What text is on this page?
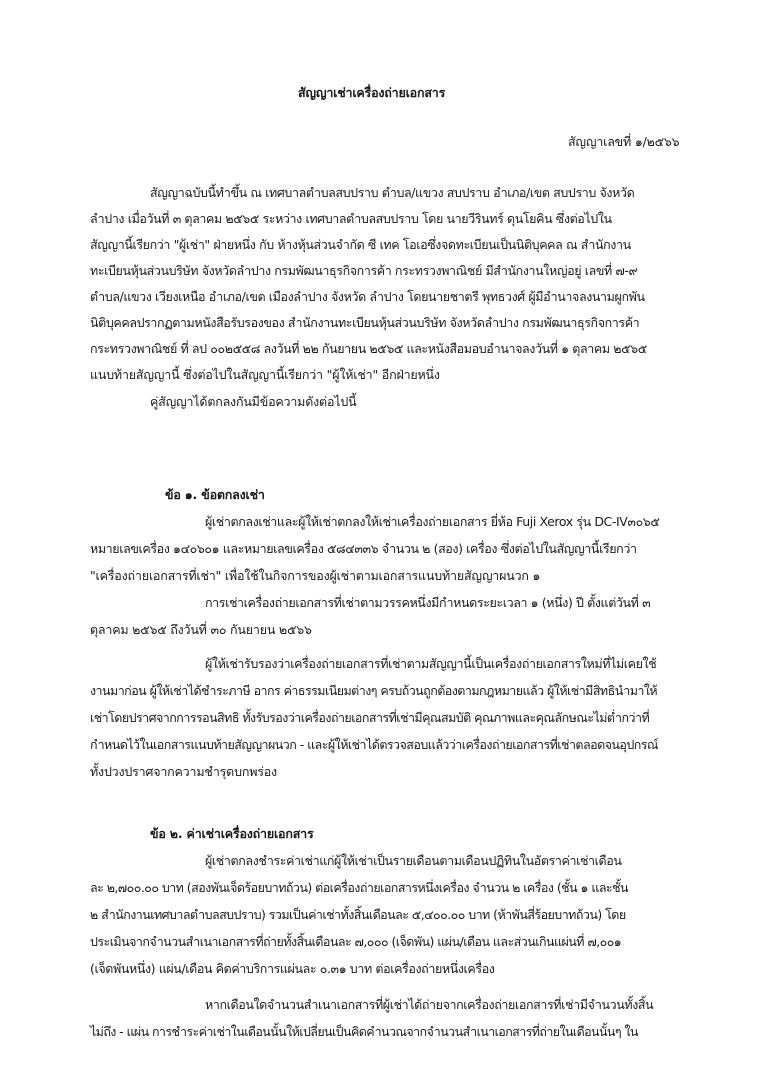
สัญญาเช่าเครื่องถ่ายเอกสาร
สัญญาเลขที่ ๑/๒๕๖๖
สัญญาฉบับนี้ทำขึ้น ณ เทศบาลตำบลสบปราบ ตำบล/แขวง สบปราบ อำเภอ/เขต สบปราบ จังหวัด
ลำปาง เมื่อวันที่ ๓ ตุลาคม ๒๕๖๕ ระหว่าง เทศบาลตำบลสบปราบ โดย นายวีรินทร์ ดุนโยคิน ซึ่งต่อไปใน
สัญญานี้เรียกว่า "ผู้เช่า" ฝ่ายหนึ่ง กับ ห้างหุ้นส่วนจำกัด ซี เทค โอเอซึ่งจดทะเบียนเป็นนิติบุคคล ณ สำนักงาน
ทะเบียนหุ้นส่วนบริษัท จังหวัดลำปาง กรมพัฒนาธุรกิจการค้า กระทรวงพาณิชย์ มีสำนักงานใหญ่อยู่ เลขที่ ๗-๙
ตำบล/แขวง เวียงเหนือ อำเภอ/เขต เมืองลำปาง จังหวัด ลำปาง โดยนายชาตรี พุทธวงศ์ ผู้มีอำนาจลงนามผูกพัน
นิติบุคคลปรากฏตามหนังสือรับรองของ สำนักงานทะเบียนหุ้นส่วนบริษัท จังหวัดลำปาง กรมพัฒนาธุรกิจการค้า
กระทรวงพาณิชย์ ที่ ลป ๐๐๒๕๕๘ ลงวันที่ ๒๒ กันยายน ๒๕๖๕ และหนังสือมอบอำนาจลงวันที่ ๑ ตุลาคม ๒๕๖๕
แนบท้ายสัญญานี้ ซึ่งต่อไปในสัญญานี้เรียกว่า "ผู้ให้เช่า" อีกฝ่ายหนึ่ง
คู่สัญญาได้ตกลงกันมีข้อความดังต่อไปนี้
ข้อ ๑. ข้อตกลงเช่า
ผู้เช่าตกลงเช่าและผู้ให้เช่าตกลงให้เช่าเครื่องถ่ายเอกสาร ยี่ห้อ Fuji Xerox รุ่น DC-IV๓๐๖๕
หมายเลขเครื่อง ๑๔๐๖๐๑ และหมายเลขเครื่อง ๕๘๔๓๓๖ จำนวน ๒ (สอง) เครื่อง ซึ่งต่อไปในสัญญานี้เรียกว่า
"เครื่องถ่ายเอกสารที่เช่า" เพื่อใช้ในกิจการของผู้เช่าตามเอกสารแนบท้ายสัญญาผนวก ๑
การเช่าเครื่องถ่ายเอกสารที่เช่าตามวรรคหนึ่งมีกำหนดระยะเวลา ๑ (หนึ่ง) ปี ตั้งแต่วันที่ ๓
ตุลาคม ๒๕๖๕ ถึงวันที่ ๓๐ กันยายน ๒๕๖๖
ผู้ให้เช่ารับรองว่าเครื่องถ่ายเอกสารที่เช่าตามสัญญานี้เป็นเครื่องถ่ายเอกสารใหม่ที่ไม่เคยใช้
งานมาก่อน ผู้ให้เช่าได้ชำระภาษี อากร ค่าธรรมเนียมต่างๆ ครบถ้วนถูกต้องตามกฎหมายแล้ว ผู้ให้เช่ามีสิทธินำมาให้
เช่าโดยปราศจากการรอนสิทธิ ทั้งรับรองว่าเครื่องถ่ายเอกสารที่เช่ามีคุณสมบัติ คุณภาพและคุณลักษณะไม่ต่ำกว่าที่
กำหนดไว้ในเอกสารแนบท้ายสัญญาผนวก - และผู้ให้เช่าได้ตรวจสอบแล้วว่าเครื่องถ่ายเอกสารที่เช่าตลอดจนอุปกรณ์
ทั้งปวงปราศจากความชำรุดบกพร่อง
ข้อ ๒. ค่าเช่าเครื่องถ่ายเอกสาร
ผู้เช่าตกลงชำระค่าเช่าแก่ผู้ให้เช่าเป็นรายเดือนตามเดือนปฏิทินในอัตราค่าเช่าเดือน
ละ ๒,๗๐๐.๐๐ บาท (สองพันเจ็ดร้อยบาทถ้วน) ต่อเครื่องถ่ายเอกสารหนึ่งเครื่อง จำนวน ๒ เครื่อง (ชั้น ๑ และชั้น
๒ สำนักงานเทศบาลตำบลสบปราบ) รวมเป็นค่าเช่าทั้งสิ้นเดือนละ ๕,๔๐๐.๐๐ บาท (ห้าพันสี่ร้อยบาทถ้วน) โดย
ประเมินจากจำนวนสำเนาเอกสารที่ถ่ายทั้งสิ้นเดือนละ ๗,๐๐๐ (เจ็ดพัน) แผ่น/เดือน และส่วนเกินแผ่นที่ ๗,๐๐๑
(เจ็ดพันหนึ่ง) แผ่น/เดือน คิดค่าบริการแผ่นละ ๐.๓๑ บาท ต่อเครื่องถ่ายหนึ่งเครื่อง
หากเดือนใดจำนวนสำเนาเอกสารที่ผู้เช่าได้ถ่ายจากเครื่องถ่ายเอกสารที่เช่ามีจำนวนทั้งสิ้น
ไม่ถึง - แผ่น การชำระค่าเช่าในเดือนนั้นให้เปลี่ยนเป็นคิดคำนวณจากจำนวนสำเนาเอกสารที่ถ่ายในเดือนนั้นๆ ใน
